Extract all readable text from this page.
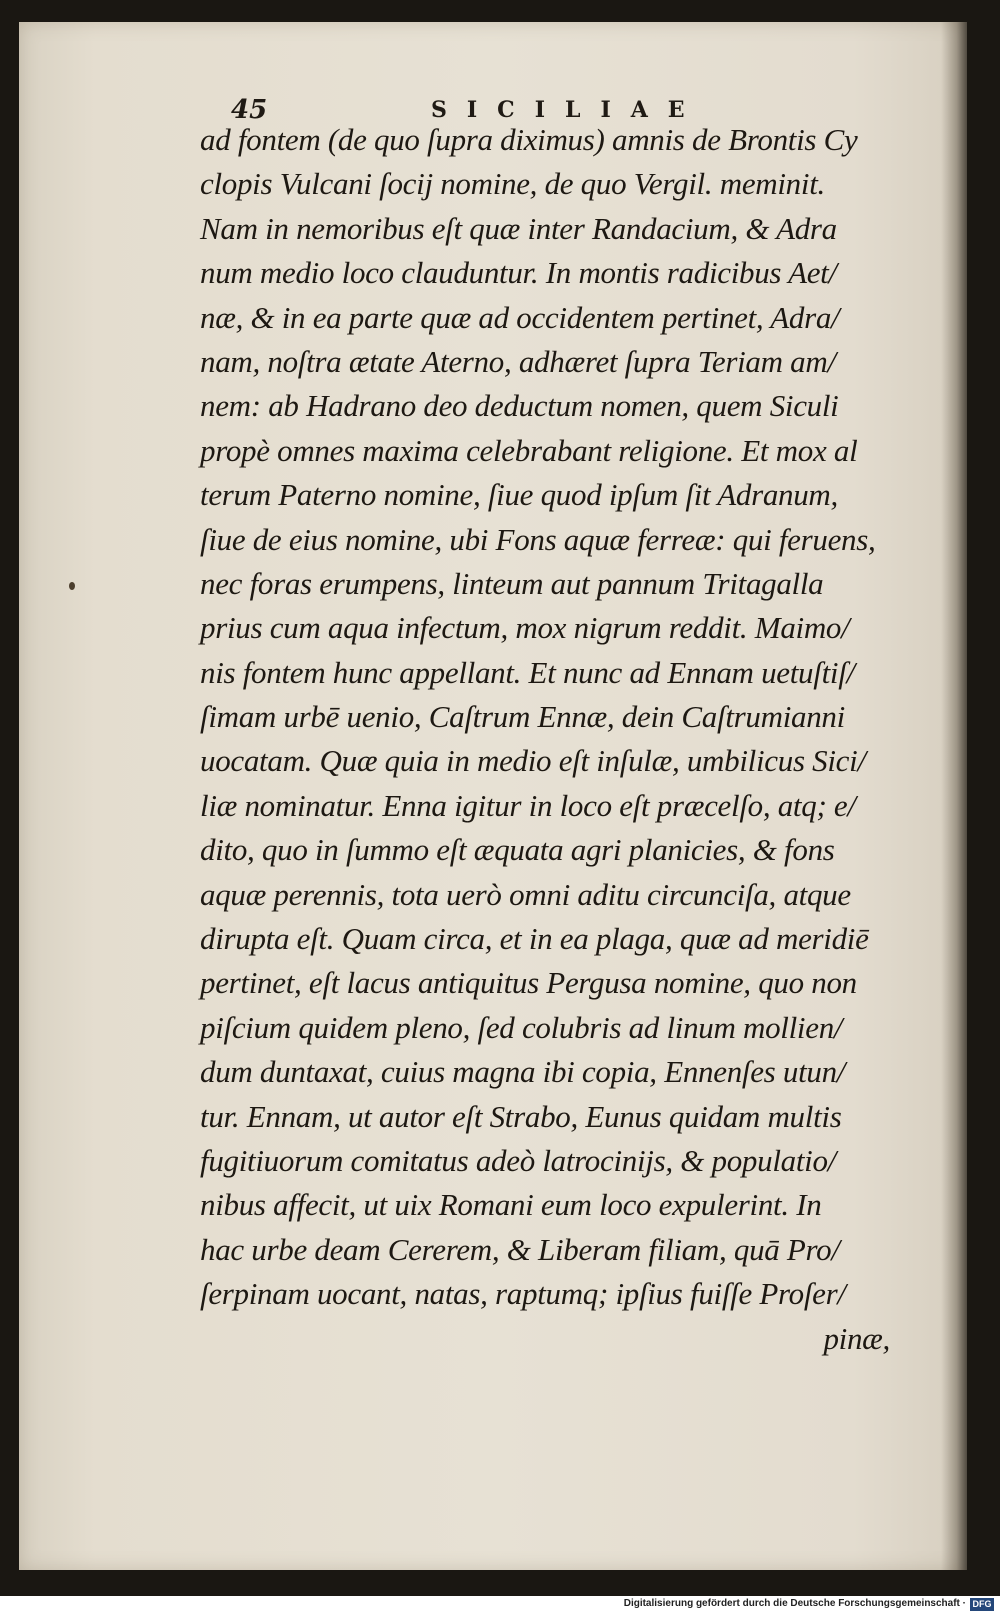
45	SICILIAE
ad fontem (de quo ſupra diximus) amnis de Brontis Cy
clopis Vulcani ſocij nomine, de quo Vergil. meminit.
Nam in nemoribus eſt quæ inter Randacium, & Adra
num medio loco clauduntur. In montis radicibus Aet/
næ, & in ea parte quæ ad occidentem pertinet, Adra/
nam, noſtra ætate Aterno, adhæret ſupra Teriam am/
nem: ab Hadrano deo deductum nomen, quem Siculi
propè omnes maxima celebrabant religione. Et mox al
terum Paterno nomine, ſiue quod ipſum ſit Adranum,
ſiue de eius nomine, ubi Fons aquæ ferreæ: qui feruens,
nec foras erumpens, linteum aut pannum Tritagalla
prius cum aqua infectum, mox nigrum reddit. Maimo/
nis fontem hunc appellant. Et nunc ad Ennam uetuſtiſ/
ſimam urbē uenio, Caſtrum Ennæ, dein Caſtrumianni
uocatam. Quæ quia in medio eſt inſulæ, umbilicus Sici/
liæ nominatur. Enna igitur in loco eſt præcelſo, atq; e/
dito, quo in ſummo eſt æquata agri planicies, & fons
aquæ perennis, tota uerò omni aditu circunciſa, atque
dirupta eſt. Quam circa, et in ea plaga, quæ ad meridiē
pertinet, eſt lacus antiquitus Pergusa nomine, quo non
piſcium quidem pleno, ſed colubris ad linum mollien/
dum duntaxat, cuius magna ibi copia, Ennenſes utun/
tur. Ennam, ut autor eſt Strabo, Eunus quidam multis
fugitiuorum comitatus adeò latrocinijs, & populatio/
nibus affecit, ut uix Romani eum loco expulerint. In
hac urbe deam Cererem, & Liberam filiam, quā Pro/
ſerpinam uocant, natas, raptumq; ipſius fuiſſe Proſer/
pinæ,
Digitalisierung gefördert durch die Deutsche Forschungsgemeinschaft · DFG
